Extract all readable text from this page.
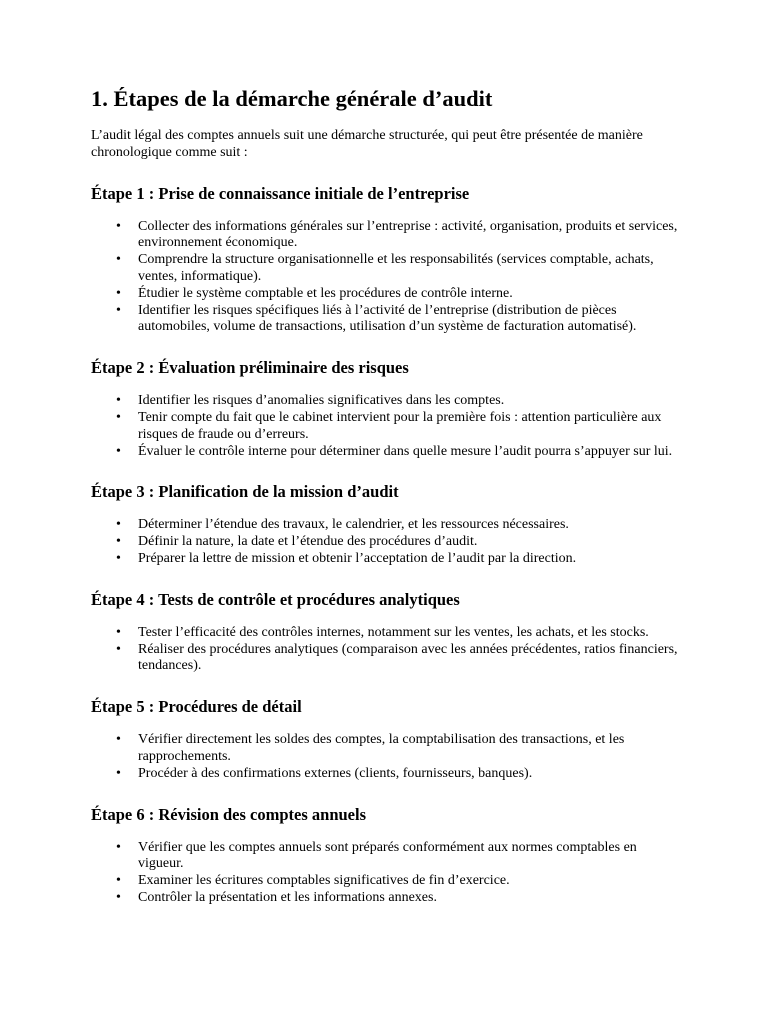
1. Étapes de la démarche générale d’audit

L’audit légal des comptes annuels suit une démarche structurée, qui peut être présentée de manière chronologique comme suit :

Étape 1 : Prise de connaissance initiale de l’entreprise
• Collecter des informations générales sur l’entreprise : activité, organisation, produits et services, environnement économique.
• Comprendre la structure organisationnelle et les responsabilités (services comptable, achats, ventes, informatique).
• Étudier le système comptable et les procédures de contrôle interne.
• Identifier les risques spécifiques liés à l’activité de l’entreprise (distribution de pièces automobiles, volume de transactions, utilisation d’un système de facturation automatisé).
Étape 2 : Évaluation préliminaire des risques
• Identifier les risques d’anomalies significatives dans les comptes.
• Tenir compte du fait que le cabinet intervient pour la première fois : attention particulière aux risques de fraude ou d’erreurs.
• Évaluer le contrôle interne pour déterminer dans quelle mesure l’audit pourra s’appuyer sur lui.
Étape 3 : Planification de la mission d’audit
• Déterminer l’étendue des travaux, le calendrier, et les ressources nécessaires.
• Définir la nature, la date et l’étendue des procédures d’audit.
• Préparer la lettre de mission et obtenir l’acceptation de l’audit par la direction.
Étape 4 : Tests de contrôle et procédures analytiques
• Tester l’efficacité des contrôles internes, notamment sur les ventes, les achats, et les stocks.
• Réaliser des procédures analytiques (comparaison avec les années précédentes, ratios financiers, tendances).
Étape 5 : Procédures de détail
• Vérifier directement les soldes des comptes, la comptabilisation des transactions, et les rapprochements.
• Procéder à des confirmations externes (clients, fournisseurs, banques).
Étape 6 : Révision des comptes annuels
• Vérifier que les comptes annuels sont préparés conformément aux normes comptables en vigueur.
• Examiner les écritures comptables significatives de fin d’exercice.
• Contrôler la présentation et les informations annexes.
